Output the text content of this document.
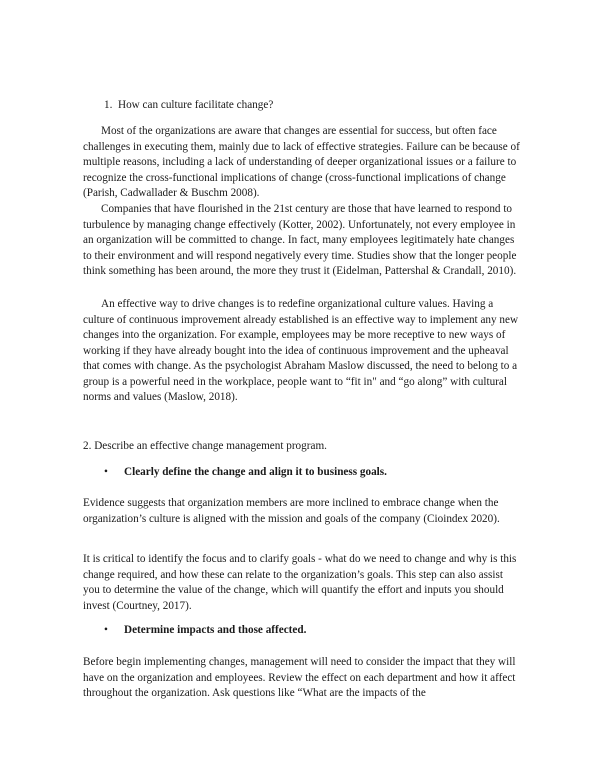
1. How can culture facilitate change?

Most of the organizations are aware that changes are essential for success, but often face challenges in executing them, mainly due to lack of effective strategies. Failure can be because of multiple reasons, including a lack of understanding of deeper organizational issues or a failure to recognize the cross-functional implications of change (cross-functional implications of change (Parish, Cadwallader & Buschm 2008).

Companies that have flourished in the 21st century are those that have learned to respond to turbulence by managing change effectively (Kotter, 2002). Unfortunately, not every employee in an organization will be committed to change. In fact, many employees legitimately hate changes to their environment and will respond negatively every time. Studies show that the longer people think something has been around, the more they trust it (Eidelman, Pattershal & Crandall, 2010).

An effective way to drive changes is to redefine organizational culture values. Having a culture of continuous improvement already established is an effective way to implement any new changes into the organization. For example, employees may be more receptive to new ways of working if they have already bought into the idea of continuous improvement and the upheaval that comes with change. As the psychologist Abraham Maslow discussed, the need to belong to a group is a powerful need in the workplace, people want to “fit in" and “go along” with cultural norms and values (Maslow, 2018).

2. Describe an effective change management program.
• Clearly define the change and align it to business goals.

Evidence suggests that organization members are more inclined to embrace change when the organization’s culture is aligned with the mission and goals of the company (Cioindex 2020).

It is critical to identify the focus and to clarify goals - what do we need to change and why is this change required, and how these can relate to the organization’s goals. This step can also assist you to determine the value of the change, which will quantify the effort and inputs you should invest (Courtney, 2017).

• Determine impacts and those affected.

Before begin implementing changes, management will need to consider the impact that they will have on the organization and employees. Review the effect on each department and how it affect throughout the organization. Ask questions like “What are the impacts of the
